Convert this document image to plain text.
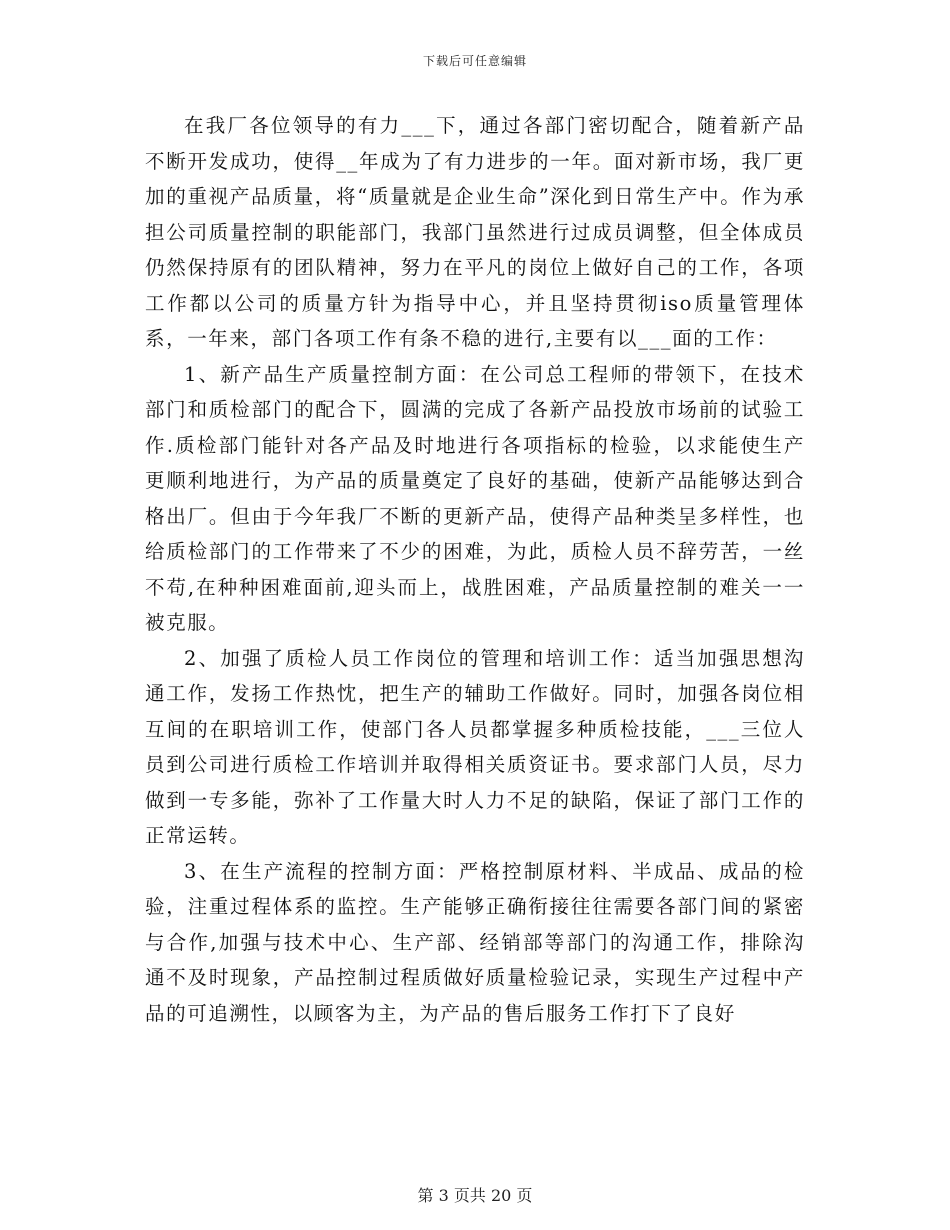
下载后可任意编辑

在我厂各位领导的有力___下，通过各部门密切配合，随着新产品不断开发成功，使得__年成为了有力进步的一年。面对新市场，我厂更加的重视产品质量，将“质量就是企业生命”深化到日常生产中。作为承担公司质量控制的职能部门，我部门虽然进行过成员调整，但全体成员仍然保持原有的团队精神，努力在平凡的岗位上做好自己的工作，各项工作都以公司的质量方针为指导中心，并且坚持贯彻iso质量管理体系，一年来，部门各项工作有条不稳的进行,主要有以___面的工作：

1、新产品生产质量控制方面：在公司总工程师的带领下，在技术部门和质检部门的配合下，圆满的完成了各新产品投放市场前的试验工作.质检部门能针对各产品及时地进行各项指标的检验，以求能使生产更顺利地进行，为产品的质量奠定了良好的基础，使新产品能够达到合格出厂。但由于今年我厂不断的更新产品，使得产品种类呈多样性，也给质检部门的工作带来了不少的困难，为此，质检人员不辞劳苦，一丝不苟,在种种困难面前,迎头而上，战胜困难，产品质量控制的难关一一被克服。

2、加强了质检人员工作岗位的管理和培训工作：适当加强思想沟通工作，发扬工作热忱，把生产的辅助工作做好。同时，加强各岗位相互间的在职培训工作，使部门各人员都掌握多种质检技能，___三位人员到公司进行质检工作培训并取得相关质资证书。要求部门人员，尽力做到一专多能，弥补了工作量大时人力不足的缺陷，保证了部门工作的正常运转。

3、在生产流程的控制方面：严格控制原材料、半成品、成品的检验，注重过程体系的监控。生产能够正确衔接往往需要各部门间的紧密与合作,加强与技术中心、生产部、经销部等部门的沟通工作，排除沟通不及时现象，产品控制过程质做好质量检验记录，实现生产过程中产品的可追溯性，以顾客为主，为产品的售后服务工作打下了良好

第 3 页共 20 页
